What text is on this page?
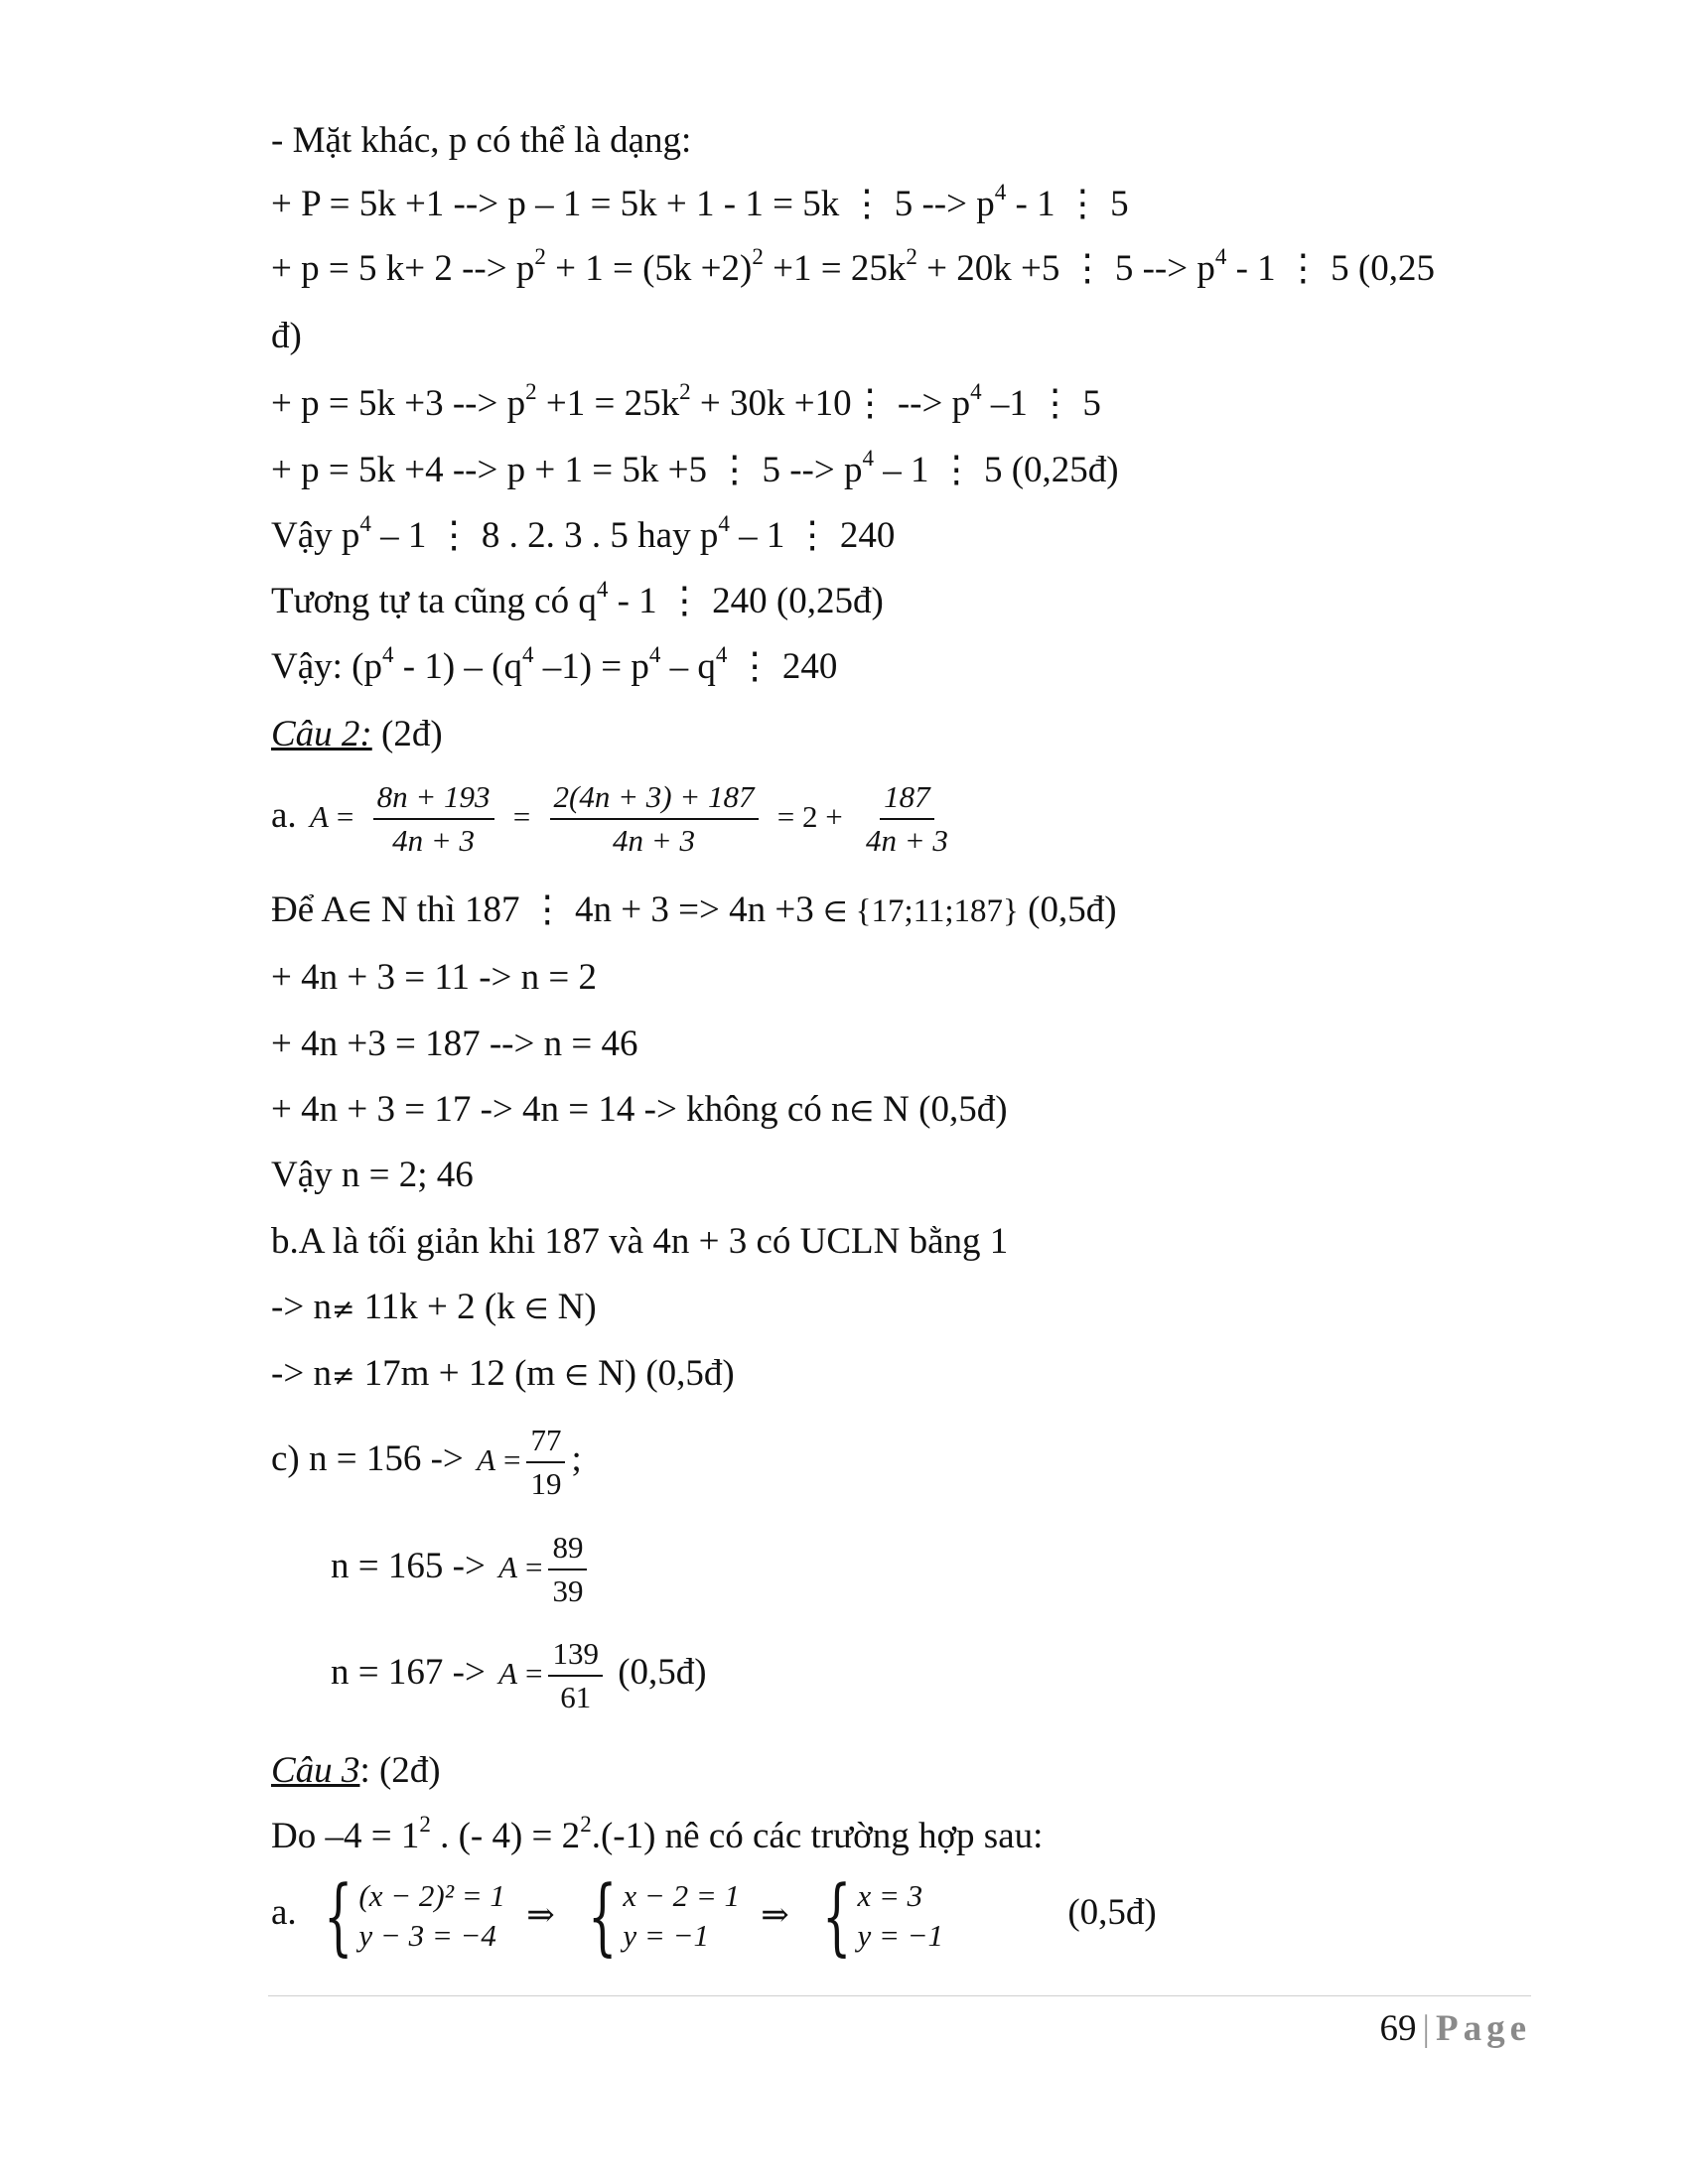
- Mặt khác, p có thể là dạng:
+ P = 5k +1 --> p – 1 = 5k + 1 - 1 = 5k ⋮ 5 --> $p^4 - 1$ ⋮ 5
+ p = 5 k+ 2 --> $p^2 + 1 = (5k +2)^2 +1 = 25k^2 + 20k +5$ ⋮ 5 --> $p^4 - 1$ ⋮ 5 (0,25
đ)
+ p = 5k +3 --> $p^2 +1 = 25k^2 + 30k$ +10⋮ --> $p^4$ –1 ⋮ 5
+ p = 5k +4 --> p + 1 = 5k +5 ⋮ 5 --> $p^4 - 1$ ⋮ 5 (0,25đ)
Vậy $p^4 - 1$ ⋮ 8 . 2. 3 . 5 hay $p^4 - 1$ ⋮ 240
Tương tự ta cũng có $q^4 - 1$ ⋮ 240 (0,25đ)
Vậy: $(p^4 - 1) - (q^4$ $-1) = p^4 - q^4$ ⋮ 240
Câu 2: (2đ)
a. $A = \frac{8n + 193}{4n + 3} = \frac{2(4n + 3) + 187}{4n + 3} = 2 + \frac{187}{4n + 3}$
Để A∈ N thì 187 ⋮ 4n + 3 => 4n +3 ∈ {17;11;187} (0,5đ)
+ 4n + 3 = 11 -> n = 2
+ 4n +3 = 187 --> n = 46
+ 4n + 3 = 17 -> 4n = 14 -> không có n∈ N (0,5đ)
Vậy n = 2; 46
b.A là tối giản khi 187 và 4n + 3 có UCLN bằng 1
-> n≠ 11k + 2 (k ∈ N)
-> n≠ 17m + 12 (m ∈ N) (0,5đ)
c) $n = 156 -> A = \frac{77}{19}$ ;
$n = 165 -> A = \frac{89}{39}$
$n = 167 -> A = \frac{139}{61}$ (0,5đ)
Câu 3: (2đ)
Do $-4 = 1^2$ . (- $4) = 2^2.(-1)$ nê có các trường hợp sau:
a. { (x − 2)² = 1
y − 3 = −4
⇒ { x − 2 = 1
y = −1
⇒ { x = 3
y = −1
(0,5đ)
69 | Page
